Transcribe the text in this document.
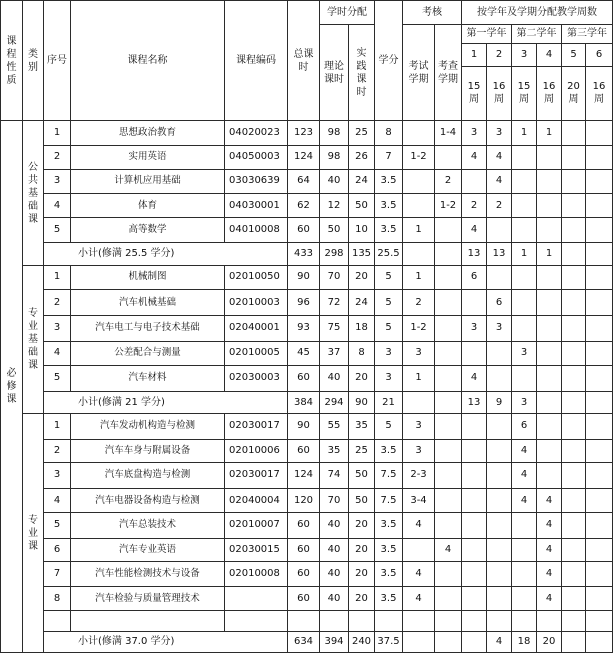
课程性质	类别	序号	课程名称	课程编码	总课时	学时分配		学分	考核		按学年及学期分配教学周数					
						理论课时	实践课时		考试学期	考查学期	第一学年		第二学年		第三学年	
											1	2	3	4	5	6
											15周	16周	15周	16周	20周	16周
必修课	公共基础课	1	思想政治教育	04020023	123	98	25	8		1-4	3	3	1	1		
		2	实用英语	04050003	124	98	26	7	1-2		4	4				
		3	计算机应用基础	03030639	64	40	24	3.5		2		4				
		4	体育	04030001	62	12	50	3.5		1-2	2	2				
		5	高等数学	04010008	60	50	10	3.5	1		4					
		小计(修满 25.5 学分)			433	298	135	25.5			13	13	1	1		
	专业基础课	1	机械制图	02010050	90	70	20	5	1		6					
		2	汽车机械基础	02010003	96	72	24	5	2			6				
		3	汽车电工与电子技术基础	02040001	93	75	18	5	1-2		3	3				
		4	公差配合与测量	02010005	45	37	8	3	3				3			
		5	汽车材料	02030003	60	40	20	3	1		4					
		小计(修满 21 学分)			384	294	90	21			13	9	3			
	专业课	1	汽车发动机构造与检测	02030017	90	55	35	5	3				6			
		2	汽车车身与附属设备	02010006	60	35	25	3.5	3				4			
		3	汽车底盘构造与检测	02030017	124	74	50	7.5	2-3				4			
		4	汽车电器设备构造与检测	02040004	120	70	50	7.5	3-4				4	4		
		5	汽车总装技术	02010007	60	40	20	3.5	4					4		
		6	汽车专业英语	02030015	60	40	20	3.5		4				4		
		7	汽车性能检测技术与设备	02010008	60	40	20	3.5	4					4		
		8	汽车检验与质量管理技术		60	40	20	3.5	4					4		

		小计(修满 37.0 学分)			634	394	240	37.5				4	18	20		
